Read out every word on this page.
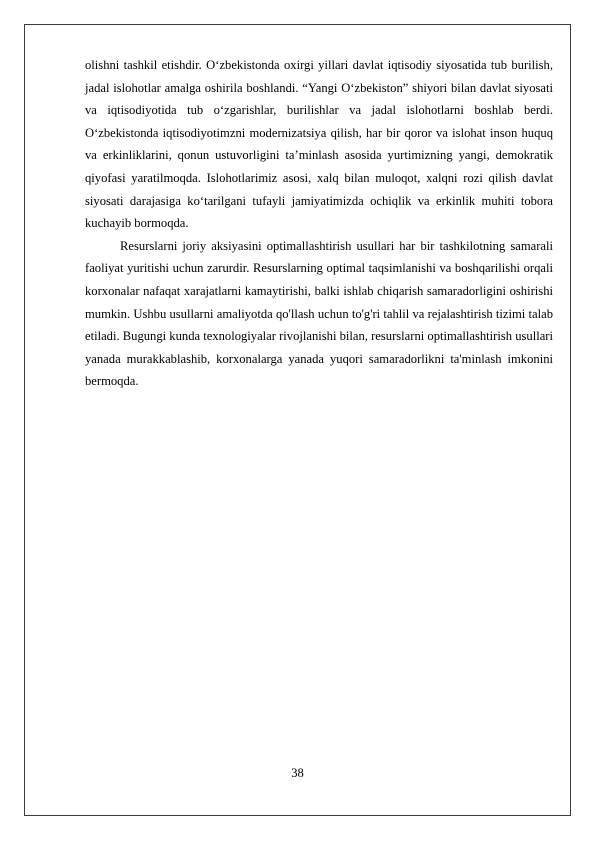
olishni tashkil etishdir. O‘zbekistonda oxirgi yillari davlat iqtisodiy siyosatida tub burilish, jadal islohotlar amalga oshirila boshlandi. “Yangi O‘zbekiston” shiyori bilan davlat siyosati va iqtisodiyotida tub o‘zgarishlar, burilishlar va jadal islohotlarni boshlab berdi. O‘zbekistonda iqtisodiyotimzni modernizatsiya qilish, har bir qoror va islohat inson huquq va erkinliklarini, qonun ustuvorligini ta’minlash asosida yurtimizning yangi, demokratik qiyofasi yaratilmoqda. Islohotlarimiz asosi, xalq bilan muloqot, xalqni rozi qilish davlat siyosati darajasiga ko‘tarilgani tufayli jamiyatimizda ochiqlik va erkinlik muhiti tobora kuchayib bormoqda.

Resurslarni joriy aksiyasini optimallashtirish usullari har bir tashkilotning samarali faoliyat yuritishi uchun zarurdir. Resurslarning optimal taqsimlanishi va boshqarilishi orqali korxonalar nafaqat xarajatlarni kamaytirishi, balki ishlab chiqarish samaradorligini oshirishi mumkin. Ushbu usullarni amaliyotda qo'llash uchun to'g'ri tahlil va rejalashtirish tizimi talab etiladi. Bugungi kunda texnologiyalar rivojlanishi bilan, resurslarni optimallashtirish usullari yanada murakkablashib, korxonalarga yanada yuqori samaradorlikni ta'minlash imkonini bermoqda.

38
